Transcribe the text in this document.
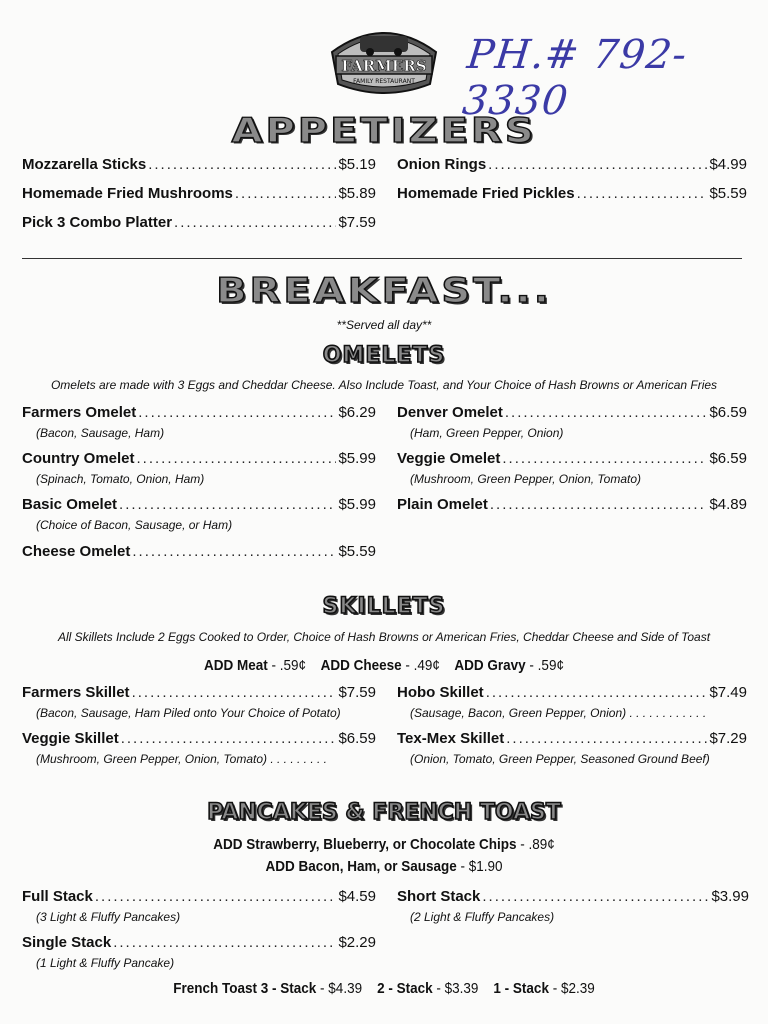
FARMERS
FAMILY RESTAURANT
PH.# 792-3330
APPETIZERS
Mozzarella Sticks .....	$5.19 Onion Rings .....	$4.99
Homemade Fried Mushrooms .....	$5.89 Homemade Fried Pickles .....	$5.59
Pick 3 Combo Platter .....	$7.59
BREAKFAST...
**Served all day**
OMELETS
Omelets are made with 3 Eggs and Cheddar Cheese. Also Include Toast, and Your Choice of Hash Browns or American Fries
Farmers Omelet .....	$6.29
(Bacon, Sausage, Ham)
Denver Omelet .....	$6.59
(Ham, Green Pepper, Onion)
Country Omelet .....	$5.99
(Spinach, Tomato, Onion, Ham)
Veggie Omelet .....	$6.59
(Mushroom, Green Pepper, Onion, Tomato)
Basic Omelet .....	$5.99
(Choice of Bacon, Sausage, or Ham)
Plain Omelet .....	$4.89
Cheese Omelet .....	$5.59
SKILLETS
All Skillets Include 2 Eggs Cooked to Order, Choice of Hash Browns or American Fries, Cheddar Cheese and Side of Toast
ADD Meat - .59¢ ADD Cheese - .49¢ ADD Gravy - .59¢
Farmers Skillet .....	$7.59
(Bacon, Sausage, Ham Piled onto Your Choice of Potato)
Hobo Skillet .....	$7.49
(Sausage, Bacon, Green Pepper, Onion) . . . . . . . . . . . .
Veggie Skillet .....	$6.59
(Mushroom, Green Pepper, Onion, Tomato) . . . . . . . . .
Tex-Mex Skillet .....	$7.29
(Onion, Tomato, Green Pepper, Seasoned Ground Beef)
PANCAKES & FRENCH TOAST
ADD Strawberry, Blueberry, or Chocolate Chips - .89¢
ADD Bacon, Ham, or Sausage - $1.90
Full Stack .....	$4.59
(3 Light & Fluffy Pancakes)
Short Stack .....	$3.99
(2 Light & Fluffy Pancakes)
Single Stack .....	$2.29
(1 Light & Fluffy Pancake)
French Toast 3 - Stack - $4.39 2 - Stack - $3.39 1 - Stack - $2.39
